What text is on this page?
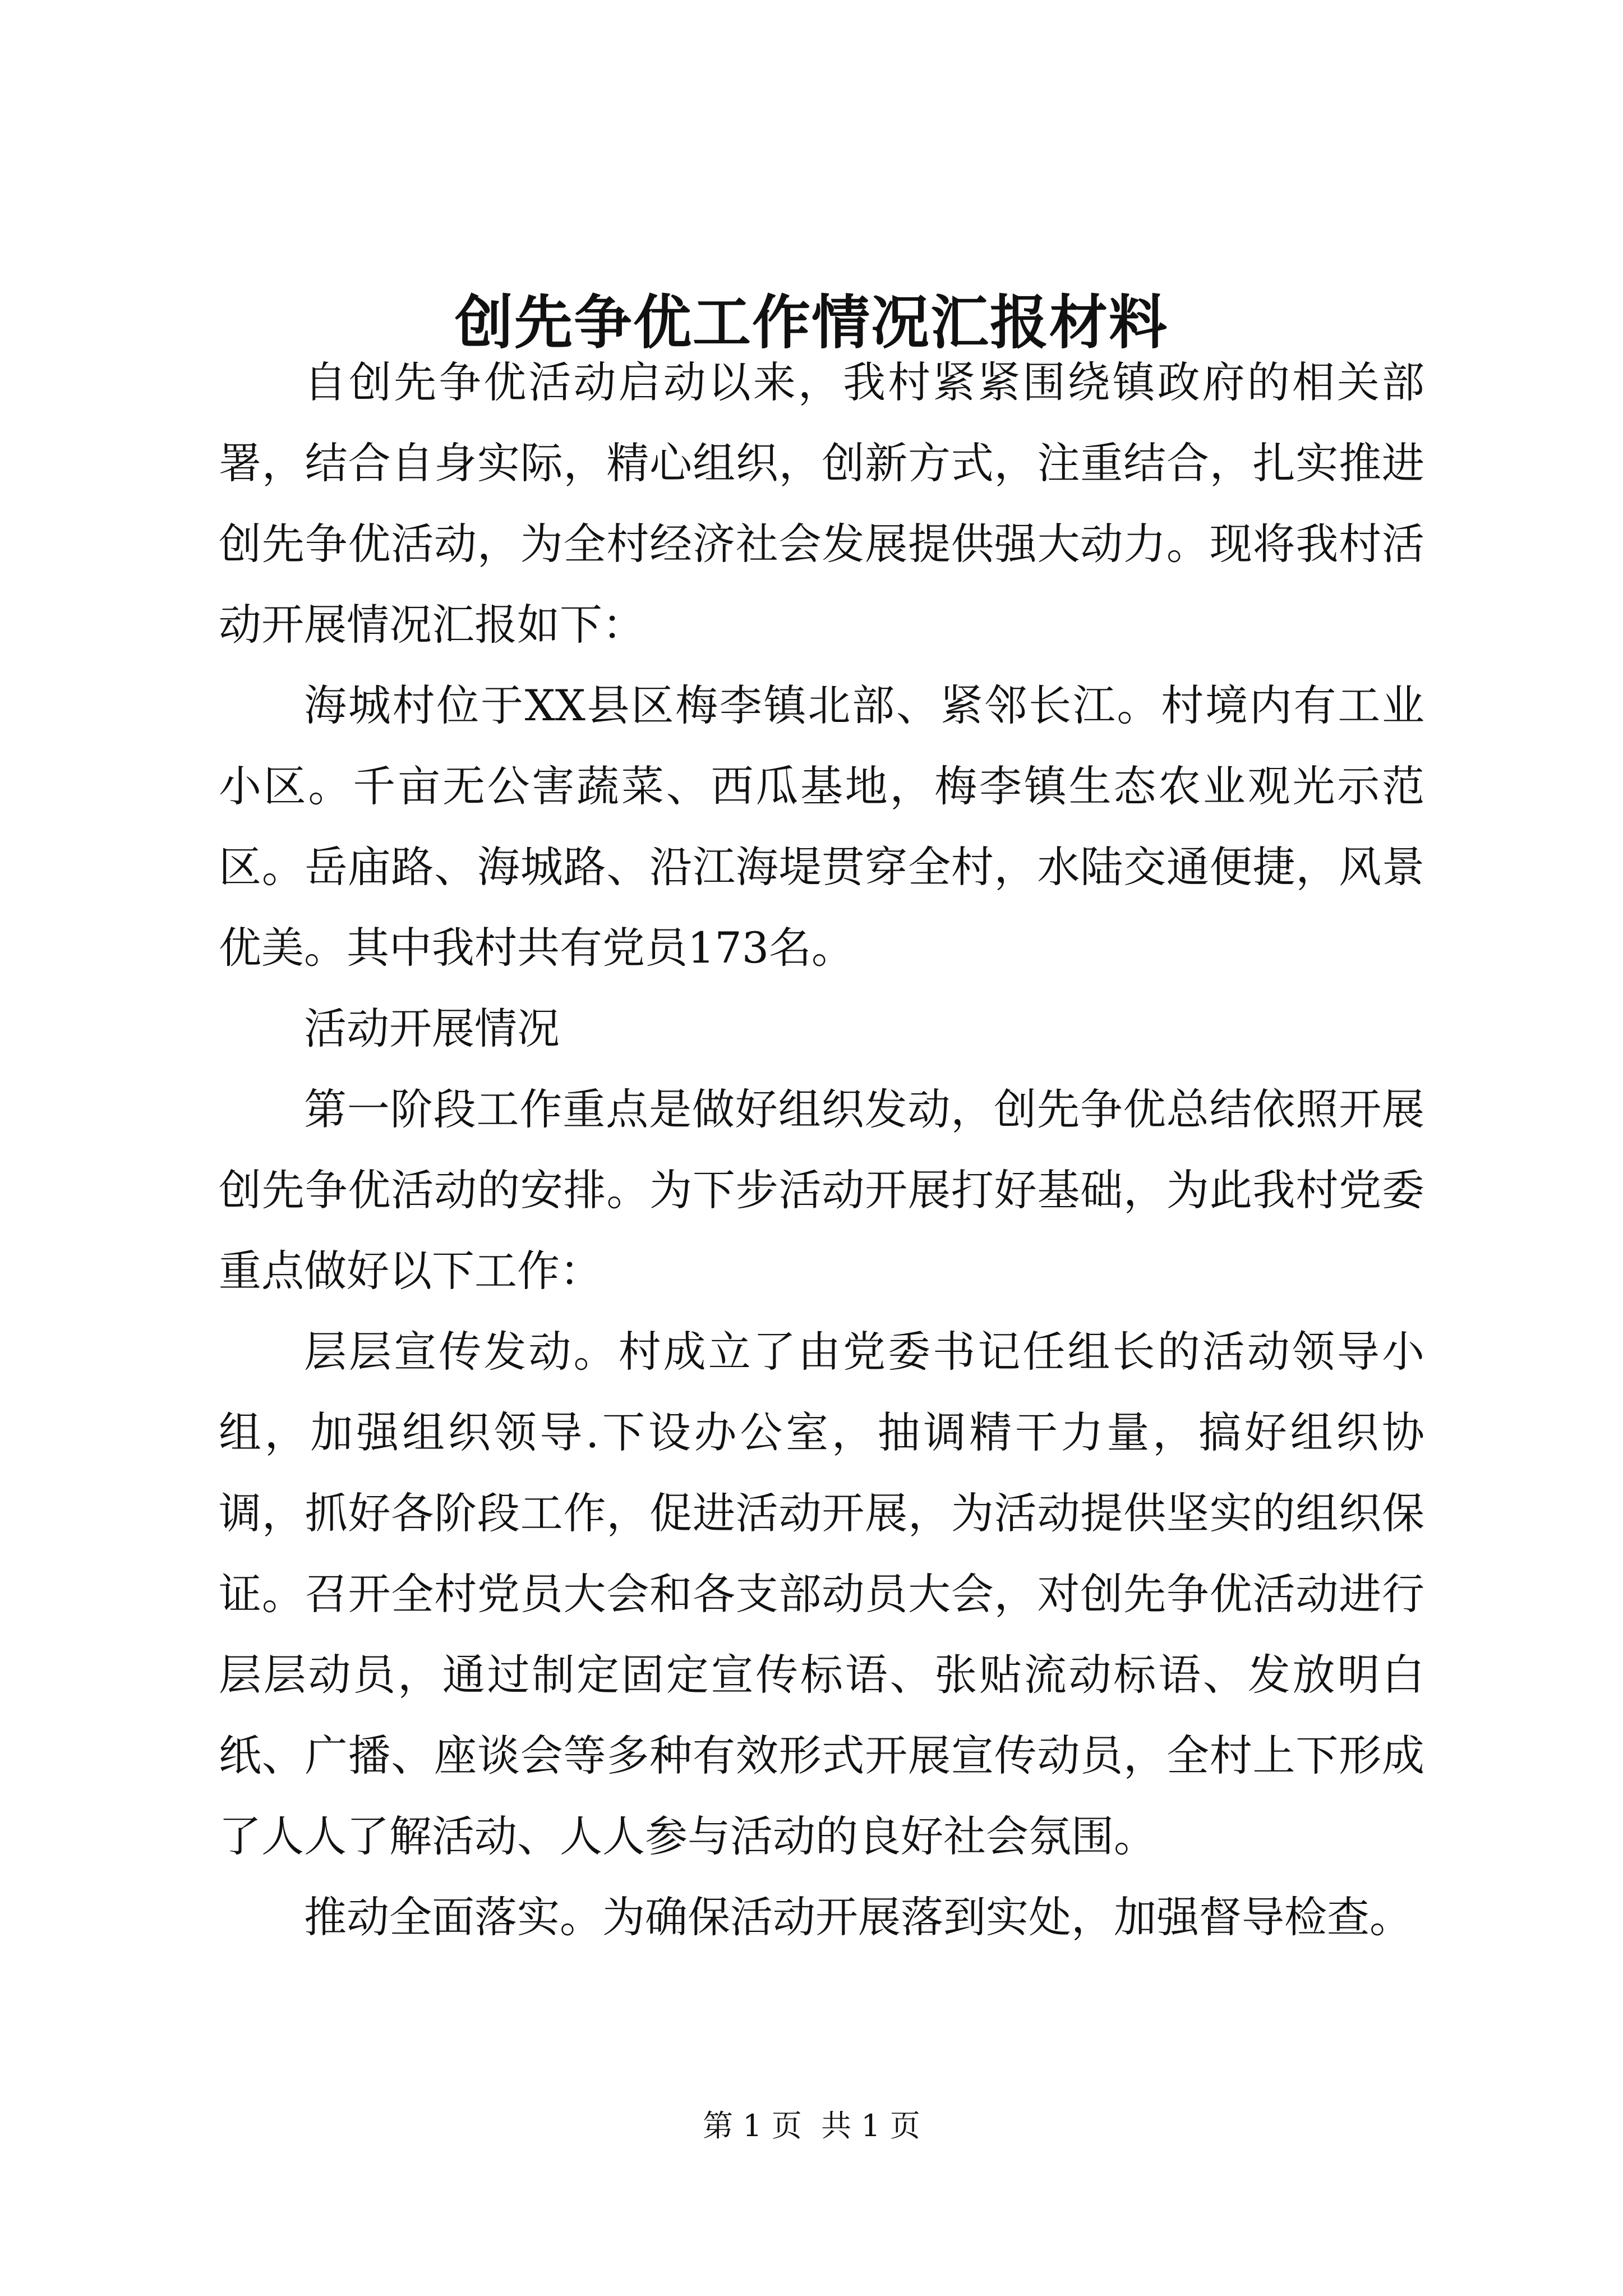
创先争优工作情况汇报材料

自创先争优活动启动以来，我村紧紧围绕镇政府的相关部署，结合自身实际，精心组织，创新方式，注重结合，扎实推进创先争优活动，为全村经济社会发展提供强大动力。现将我村活动开展情况汇报如下：

海城村位于XX县区梅李镇北部、紧邻长江。村境内有工业小区。千亩无公害蔬菜、西瓜基地，梅李镇生态农业观光示范区。岳庙路、海城路、沿江海堤贯穿全村，水陆交通便捷，风景优美。其中我村共有党员173名。

活动开展情况

第一阶段工作重点是做好组织发动，创先争优总结依照开展创先争优活动的安排。为下步活动开展打好基础，为此我村党委重点做好以下工作：

层层宣传发动。村成立了由党委书记任组长的活动领导小组，加强组织领导.下设办公室，抽调精干力量，搞好组织协调，抓好各阶段工作，促进活动开展，为活动提供坚实的组织保证。召开全村党员大会和各支部动员大会，对创先争优活动进行层层动员，通过制定固定宣传标语、张贴流动标语、发放明白纸、广播、座谈会等多种有效形式开展宣传动员，全村上下形成了人人了解活动、人人参与活动的良好社会氛围。

推动全面落实。为确保活动开展落到实处，加强督导检查。

第 1 页  共 1 页
